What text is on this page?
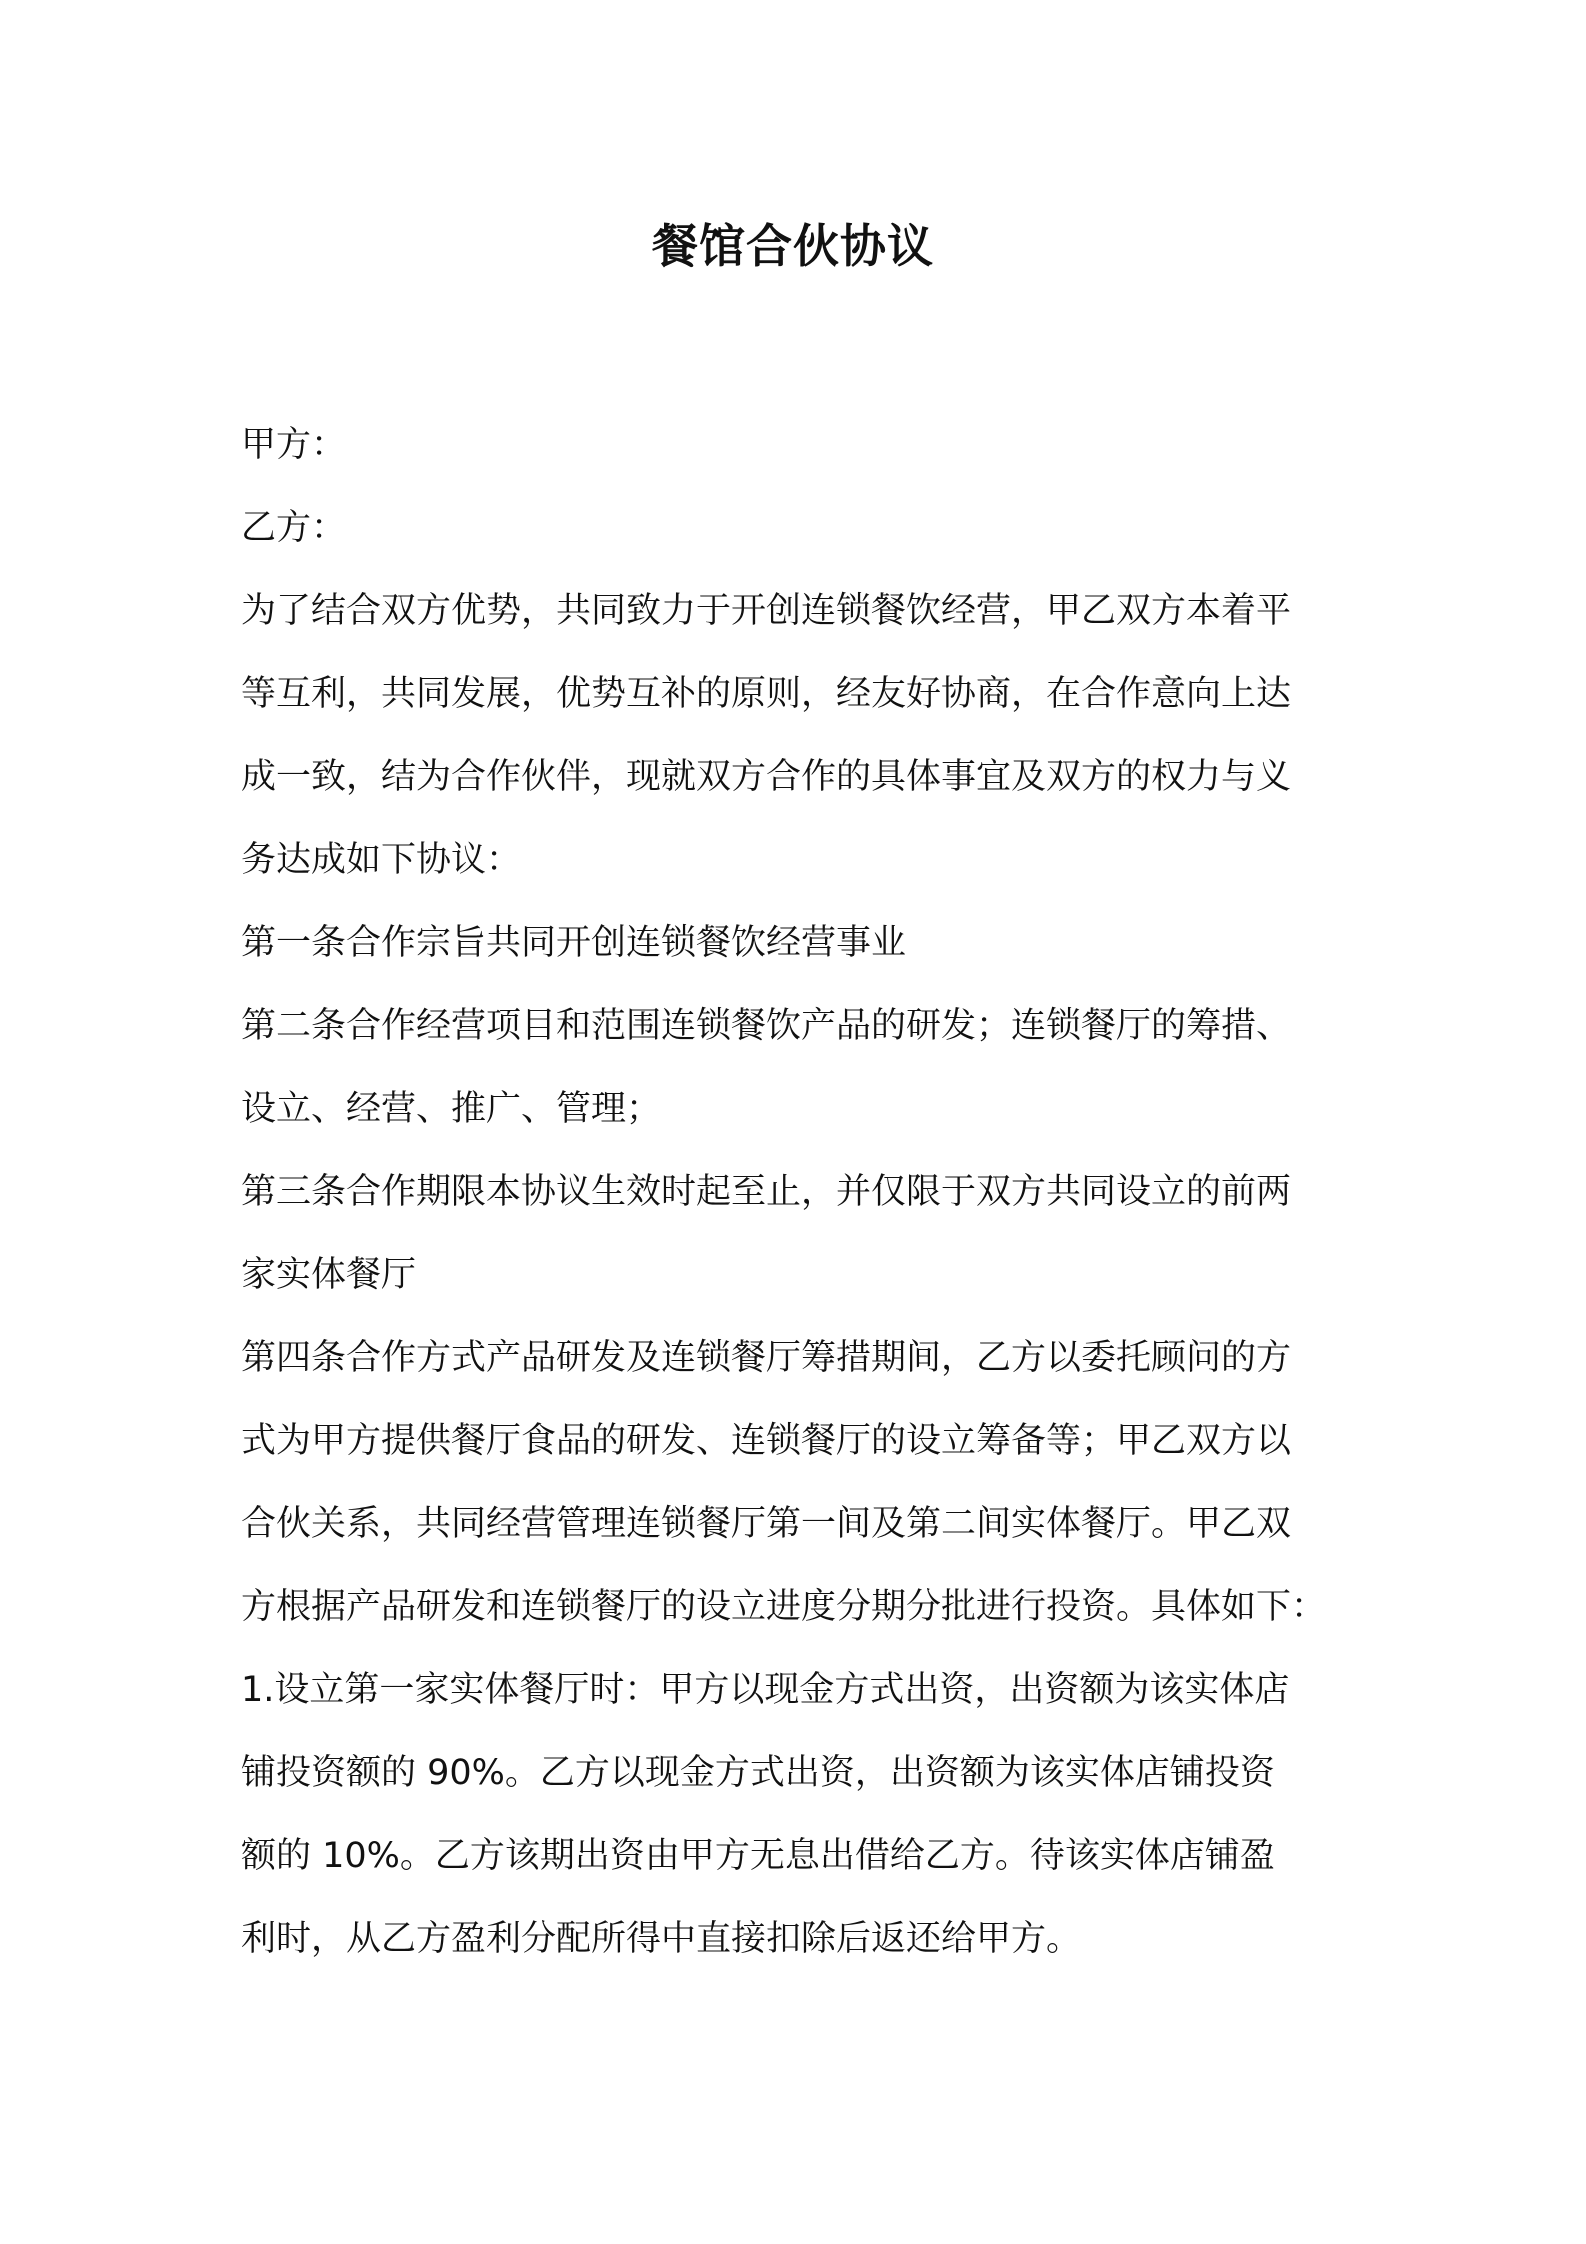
餐馆合伙协议

甲方：

乙方：

为了结合双方优势，共同致力于开创连锁餐饮经营，甲乙双方本着平
等互利，共同发展，优势互补的原则，经友好协商，在合作意向上达
成一致，结为合作伙伴，现就双方合作的具体事宜及双方的权力与义
务达成如下协议：

第一条合作宗旨共同开创连锁餐饮经营事业

第二条合作经营项目和范围连锁餐饮产品的研发；连锁餐厅的筹措、
设立、经营、推广、管理；

第三条合作期限本协议生效时起至止，并仅限于双方共同设立的前两
家实体餐厅

第四条合作方式产品研发及连锁餐厅筹措期间，乙方以委托顾问的方
式为甲方提供餐厅食品的研发、连锁餐厅的设立筹备等；甲乙双方以
合伙关系，共同经营管理连锁餐厅第一间及第二间实体餐厅。甲乙双
方根据产品研发和连锁餐厅的设立进度分期分批进行投资。具体如下：

1.设立第一家实体餐厅时：甲方以现金方式出资，出资额为该实体店
铺投资额的 90%。乙方以现金方式出资，出资额为该实体店铺投资
额的 10%。乙方该期出资由甲方无息出借给乙方。待该实体店铺盈
利时，从乙方盈利分配所得中直接扣除后返还给甲方。
